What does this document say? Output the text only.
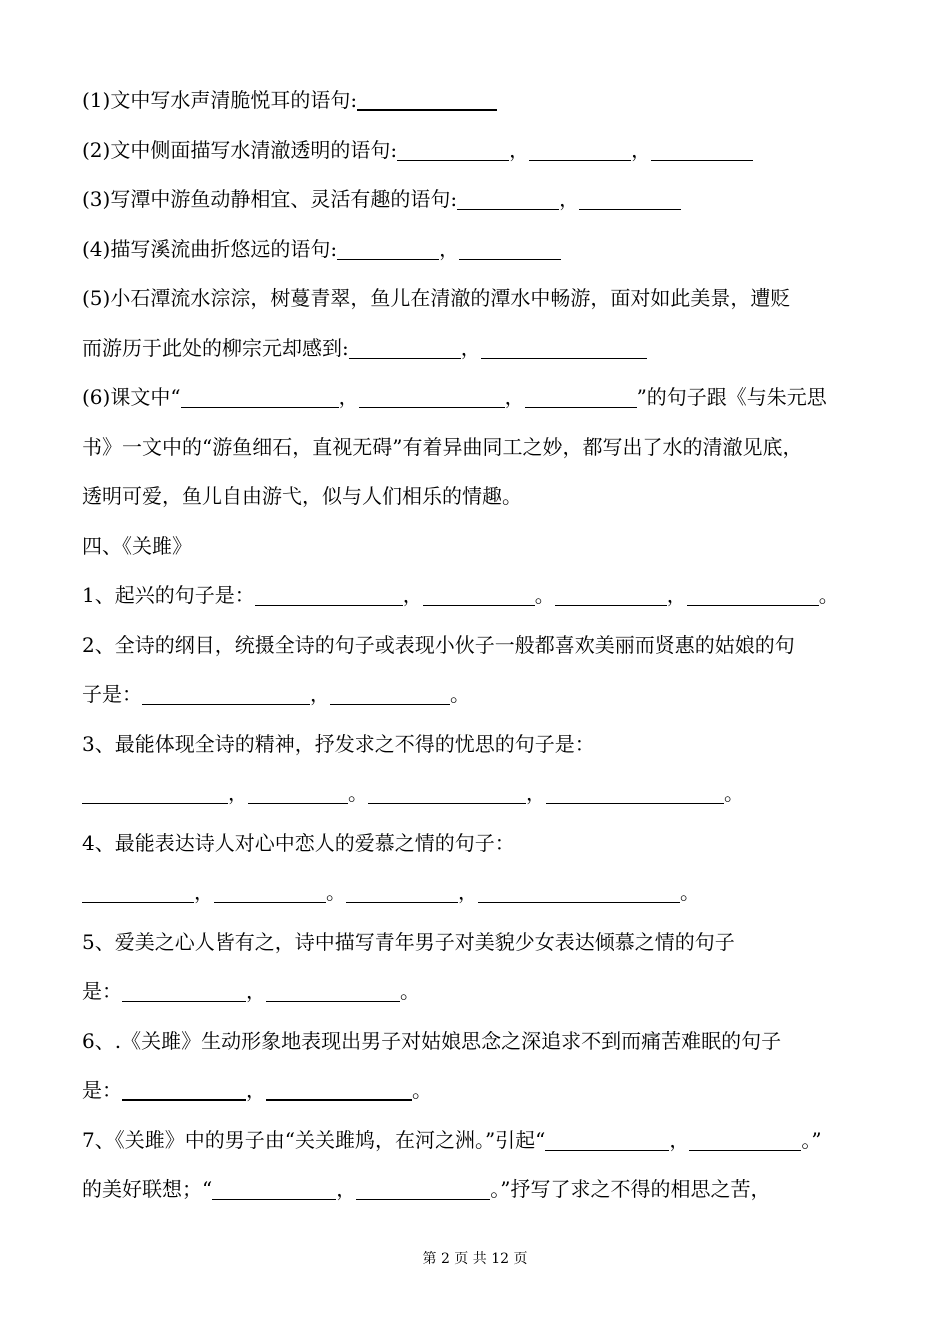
(1)文中写水声清脆悦耳的语句:
(2)文中侧面描写水清澈透明的语句:	，	，
(3)写潭中游鱼动静相宜、灵活有趣的语句:	，
(4)描写溪流曲折悠远的语句:	，
(5)小石潭流水淙淙，树蔓青翠，鱼儿在清澈的潭水中畅游，面对如此美景，遭贬
而游历于此处的柳宗元却感到:	，
(6)课文中“	，	，	”的句子跟《与朱元思
书》一文中的“游鱼细石，直视无碍”有着异曲同工之妙，都写出了水的清澈见底，
透明可爱，鱼儿自由游弋，似与人们相乐的情趣。
四、《关雎》
1、起兴的句子是：	，	。	，	。
2、全诗的纲目，统摄全诗的句子或表现小伙子一般都喜欢美丽而贤惠的姑娘的句
子是：	，	。
3、最能体现全诗的精神，抒发求之不得的忧思的句子是：
，	。	，	。
4、最能表达诗人对心中恋人的爱慕之情的句子：
，	。	，	。
5、爱美之心人皆有之，诗中描写青年男子对美貌少女表达倾慕之情的句子
是：	，	。
6、.《关雎》生动形象地表现出男子对姑娘思念之深追求不到而痛苦难眠的句子
是：	，	。
7、《关雎》中的男子由“关关雎鸠，在河之洲。”引起“	，	。”
的美好联想；“	，	。”抒写了求之不得的相思之苦，
第 2 页 共 12 页
